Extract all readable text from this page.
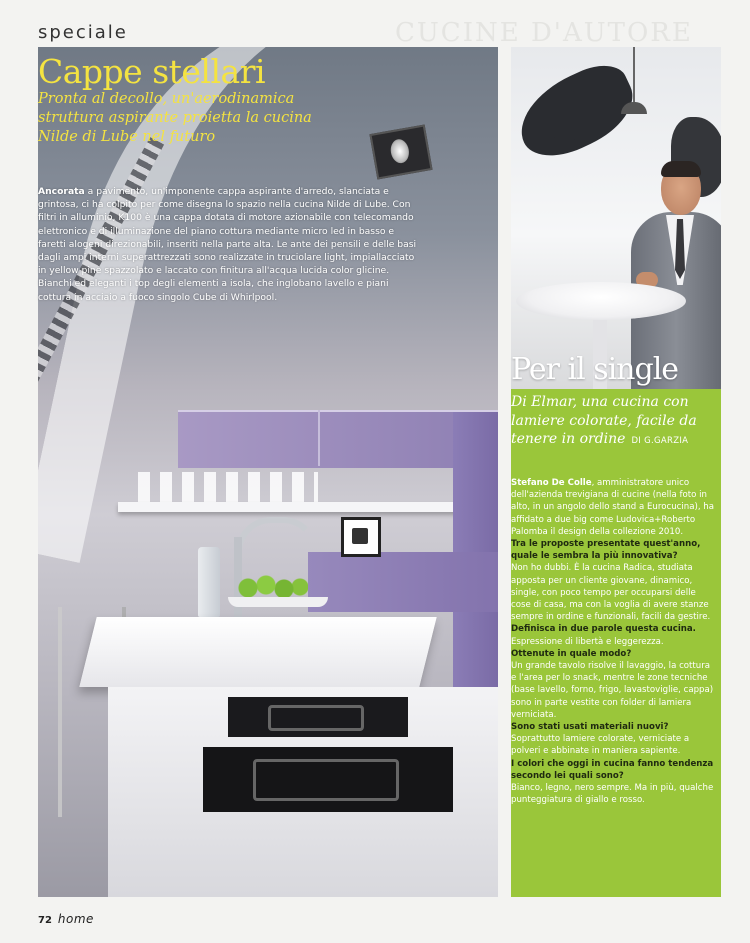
speciale	CUCINE D'AUTORE
Cappe stellari

Pronta al decollo, un'aerodinamica struttura aspirante proietta la cucina Nilde di Lube nel futuro

Ancorata a pavimento, un'imponente cappa aspirante d'arredo, slanciata e grintosa, ci ha colpito per come disegna lo spazio nella cucina Nilde di Lube. Con filtri in alluminio, K100 è una cappa dotata di motore azionabile con telecomando elettronico e di illuminazione del piano cottura mediante micro led in basso e faretti alogeni direzionabili, inseriti nella parte alta. Le ante dei pensili e delle basi dagli ampi interni superattrezzati sono realizzate in truciolare light, impiallacciato in yellow pine spazzolato e laccato con finitura all'acqua lucida color glicine. Bianchi ed eleganti i top degli elementi a isola, che inglobano lavello e piani cottura in acciaio a fuoco singolo Cube di Whirlpool.

Per il single

Di Elmar, una cucina con lamiere colorate, facile da tenere in ordine DI G.GARZIA

Stefano De Colle, amministratore unico dell'azienda trevigiana di cucine (nella foto in alto, in un angolo dello stand a Eurocucina), ha affidato a due big come Ludovica+Roberto Palomba il design della collezione 2010.
Tra le proposte presentate quest'anno, quale le sembra la più innovativa?
Non ho dubbi. È la cucina Radica, studiata apposta per un cliente giovane, dinamico, single, con poco tempo per occuparsi delle cose di casa, ma con la voglia di avere stanze sempre in ordine e funzionali, facili da gestire.
Definisca in due parole questa cucina.
Espressione di libertà e leggerezza.
Ottenute in quale modo?
Un grande tavolo risolve il lavaggio, la cottura e l'area per lo snack, mentre le zone tecniche (base lavello, forno, frigo, lavastoviglie, cappa) sono in parte vestite con folder di lamiera verniciata.
Sono stati usati materiali nuovi?
Soprattutto lamiere colorate, verniciate a polveri e abbinate in maniera sapiente.
I colori che oggi in cucina fanno tendenza secondo lei quali sono?
Bianco, legno, nero sempre. Ma in più, qualche punteggiatura di giallo e rosso.
72 home
